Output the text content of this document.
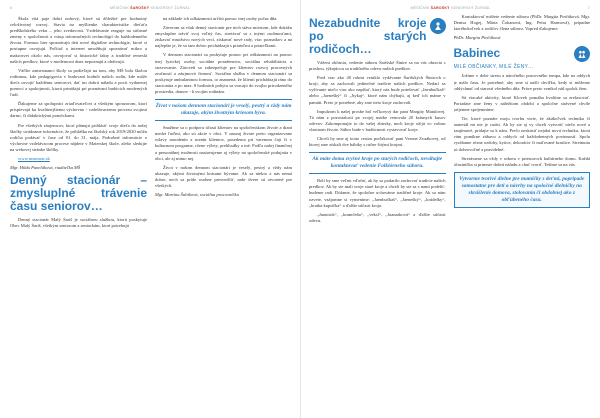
6	MĚSÍČNÍK ŠAROŠKÝ SENIORSKÝ ŽURNÁL

Škola vítá paje dobrí nohový, ktoré sú dôležité pre hodnotný celoživotný rozvoj. Stavia na myšlienke charakteristike dieťaťa predškolského veku – jeho zvedavosti. Vzdelávanie reaguje na súčasné zmeny v spoločnosti a vstup informačných technológií do každodenného života. Formou hier spoznávajú deti nové digitálne technológie, ktoré si postupne osvojujú. Počítač a internet umožňujú spoznávať mikro a makrosvet okolo nás, osvojovať si historické fakty a tradičné remeslá našich predkov, ktoré v modernosti dnes nepoznajú a obdivujú.

Väčšie zamestnanci školy sa podieľajú na tom, aby MŠ bola školou rodinnou, kde pedagógovia v budovaní hodnôt našich rodín, kde môže dieťa osvojiť každému seniorovi, dať im dobrú náladu a pocit vydarenej pomoci a spokojnosti, ktorú prinášajú pri poznávaní budúcich moderných ľudí.

Ďakujeme za spolupráci zriaďovateľovi a všetkým sponzorom, ktorí prispievajú ku kvalitnejšiemu výchovno - vzdelávaciemu procesu svojimi darmi, či didaktickými pomôckami.

Pre všetkých záujemcov, ktorí plánujú prihlásiť svoje dieťa do našej školky uvádzame informácie, že prihláška na školský rok 2019/2020 môžu rodičia podávať v čase od 01. do 31. mája. Podrobné informácie o výchovne vzdelávacom procese nájdete v Materskej škole, alebo sledujte na webovej stránke škôlky.

www.msmurar.sk

Mgr. Hilda Paneláková, riaditeľka MŠ

Denný stacionár – zmysluplné trávenie času seniorov…

Denný stacionár Malý Šariš je sociálnou službou, ktorú poskytuje Obec Malý Šariš, všetkým seniorom a seniorkám, ktorí potrebujú

na základe ich odkázanosti určitú pomoc inej osoby počas dňa.

Záverom sa však denný stacionár pre nich stáva miestom, kde dokážu zmysluplne tráviť svoj voľný čas, stretávať sa s inými osobnosťami, získavať množstvo nových vecí, získavať nové rady, viac poznatkov a na najlepšie je, že sa tam dobro prichádzajú s priateľmi a priateľkami.

V dennom stacionári sa poskytuje pomoc pri odkázanosti na pomoc inej fyzickej osoby, sociálne poradenstvo, sociálna rehabilitácia a stravovanie. Zároveň sa zabezpečuje pre klientov rozvoj pracovných zručností a záujmová činnosť. Sociálna služba v dennom stacionári sa poskytuje ambulantnou formou, to znamená, že klienti prichádzajú ráno do stacionára a po max. 8 hodinách pobytu sa vracajú do svojho prirodzeného prostredia, domov - k svojim rodinám.

Život v našom dennom stacionári je veselý, pestrý a vždy nám ukazuje, akým životným kriesom býva.

Snažíme sa o podporu účasti klientov na spoločenskom živote a dianí medzi ľuďmi, ako sú akcie v obci. V naozaj živote preto organizovane oslavy narodenín a menín klientov, posedenia pri varenom čaji či v kulturnom programe, rôzne výlety, prehliadky a iné. Podľa našej finančnej a personálnej možnosti nastavujeme aj výlety na spoločenské podujatia v obci, ale aj mimo nej.

Život v našom dennom stacionári je veselý, pestrý a vždy nám ukazuje, akými životnými krásami bývame. Ak sa niekto z nás nemá dobre, nech sa príde osobne presvedčiť, naše dvere sú otvorené pre všetkých.

Mgr. Martina Šaltiková, sociálna pracovníčka

MĚSÍČNÍK ŠAROŠKÝ SENIORSKÝ ŽURNÁL	7
Nezabudnite kroje po starých rodičoch…

Vážení občania, vedenie súboru Šarišské Šintre sa na vás obracia s prosbou, týkajúcou sa tradičného odevu našich predkov.

Pred viac ako 40 rokmi vzniklo vydávanie Šarišských Šintroch o kroji, aby sa zachovali jedinečné tradície našich predkov. Nedarí sa vyšívanie niečo viac ako napíšať, ktorý nás bude potešovať „Jaenbučkaš“ alebo „Jaenešký“ či „Jtykaj“, ktoré nám chýbajú, aj keď ich máme v pamäti. Preto je potrebné, aby sme tieto kroje zachovali.

Impulzom k našej prosbe bol veľkorysý dar pani Margity Matulovej. Tá nám z pozostalosti po svojej matke venovala 20 krásnych kusov odevov. Zakomponujte to do vašej zbierky, nech kroje ožijú vo vašom vlastnom živote. Súbor bude v budúcnosti vystavovať kroje.

Chceli by sme aj touto cestou poďakovať pani Verone Zvaákovej, od ktorej sme získali dve bábiky s ručne šitými krojmi.

Ak máte doma zvyšné kroje po starých rodičoch, neváhajte kontaktovať vedenie Folklórneho súboru.

Boli by sme veľmi vďační, ak by sa podarilo zachovať tradície našich predkov. Ak by ste mali svoje staré kroje a chceli by ste sa s nami podeliť, budeme radi. Dúfame, že spoločne uchováme tradičné kroje. Ak sa nám ozvete, vzájomne si vymeníme: „Jaenbučkaš“, „Jaenešký“, „krúdelky“, „kratka kapsička“ a ďalšie súčasti kroja.

„Juanirok“, „kramčeňa“, „veksl“, „Juanarková“ a ďalšie súčasti odevu.

Kontaktovať môžete vedenie súboru (PhDr. Margita Pinčáková, Mgr. Denisa Hogej, Mária Čokanová, Ing. Petra Harmová), prípadne ktoréhokoľvek z rodičov člena súboru. Vopred ďakujeme.

PhDr. Margita Pinčáková

Babinec
MILÉ OBČIANKY, MILÉ ŽENY…

Jožime v dobe stresu a náročného pracovného tempa, kde na oddych je málo času. Je potrebné, aby sme si našli chvíľku, kedy si môžeme oddýchnuť od starostí všedného dňa. Práve preto vznikol náš spolok žien.

Sú viacaké aktivity, ktoré Klovek pomáha kvalitne sa zrelaxovať. Poriadate sme ženy v náležitom období a spoločne strávené chvíle príjemne spríjemníme.

Tie, ktoré poznáte moju tvorbu viete, že akákoľvek technika či materiál mi nie je cudzí. Ak by ste aj vy chceli vytvoriť niečo nové a zaujímavé, pridajte sa k nám. Prečo neskúsiť nejakú novú techniku, ktorá vám ponúkne zábavu a oddych od každodenných povinností. Spolu vyrábame rôzne ozdoby, kytice, dekorácie či maľované kraslice. Stretnutia sú dobrovoľné a pravidelné.

Stretávame sa vždy v sobotu v priestoroch kultúrneho domu. Každá účastníčka si prinesie dobrú náladu a chuť tvoriť. Tešíme sa na vás.

Vytvorme tvorivé dielne pre mamičky s deťmi, popripade samostatne pre deti a návrhy na spoločné dielničky na skrášlenie domova, stolovania či obdobnej ako z obľúbeného času.
